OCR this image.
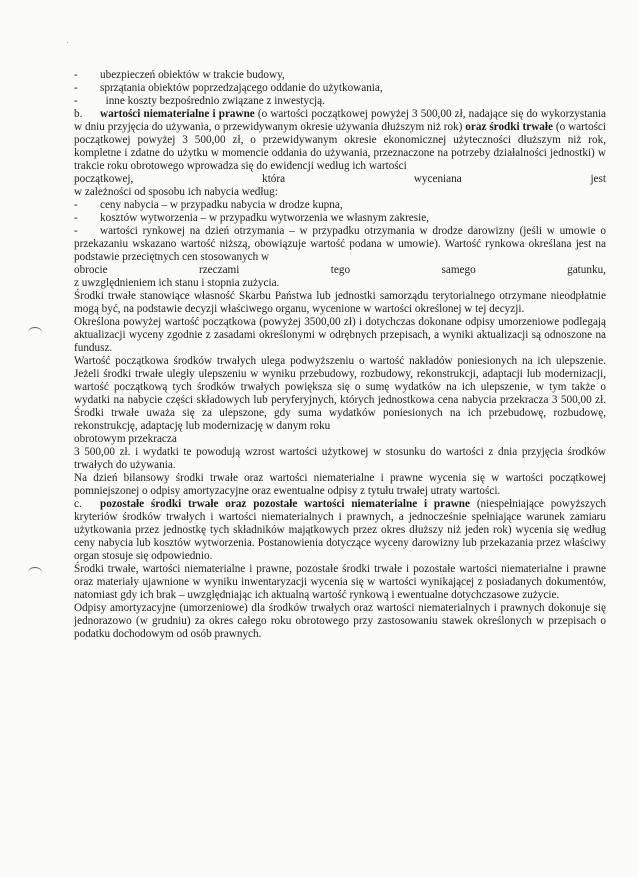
·

- ubezpieczeń obiektów w trakcie budowy,

- sprzątania obiektów poprzedzającego oddanie do użytkowania,

- inne koszty bezpośrednio związane z inwestycją.

b. wartości niematerialne i prawne (o wartości początkowej powyżej 3 500,00 zł, nadające się do wykorzystania w dniu przyjęcia do używania, o przewidywanym okresie używania dłuższym niż rok) oraz środki trwałe (o wartości początkowej powyżej 3 500,00 zł, o przewidywanym okresie ekonomicznej użyteczności dłuższym niż rok, kompletne i zdatne do użytku w momencie oddania do używania, przeznaczone na potrzeby działalności jednostki) w trakcie roku obrotowego wprowadza się do ewidencji według ich wartości

początkowej,	która	wyceniana	jest

w zależności od sposobu ich nabycia według:

- ceny nabycia – w przypadku nabycia w drodze kupna,

- kosztów wytworzenia – w przypadku wytworzenia we własnym zakresie,

- wartości rynkowej na dzień otrzymania – w przypadku otrzymania w drodze darowizny (jeśli w umowie o przekazaniu wskazano wartość niższą, obowiązuje wartość podana w umowie). Wartość rynkowa określana jest na podstawie przeciętnych cen stosowanych w

obrocie	rzeczami	tego	samego	gatunku,

z uwzględnieniem ich stanu i stopnia zużycia.

Środki trwałe stanowiące własność Skarbu Państwa lub jednostki samorządu terytorialnego otrzymane nieodpłatnie mogą być, na podstawie decyzji właściwego organu, wycenione w wartości określonej w tej decyzji.

Określona powyżej wartość początkowa (powyżej 3500,00 zł) i dotychczas dokonane odpisy umorzeniowe podlegają aktualizacji wyceny zgodnie z zasadami określonymi w odrębnych przepisach, a wyniki aktualizacji są odnoszone na fundusz.

Wartość początkowa środków trwałych ulega podwyższeniu o wartość nakładów poniesionych na ich ulepszenie. Jeżeli środki trwałe uległy ulepszeniu w wyniku przebudowy, rozbudowy, rekonstrukcji, adaptacji lub modernizacji, wartość początkową tych środków trwałych powiększa się o sumę wydatków na ich ulepszenie, w tym także o wydatki na nabycie części składowych lub peryferyjnych, których jednostkowa cena nabycia przekracza 3 500,00 zł. Środki trwałe uważa się za ulepszone, gdy suma wydatków poniesionych na ich przebudowę, rozbudowę, rekonstrukcję, adaptację lub modernizację w danym roku

obrotowym przekracza

3 500,00 zł. i wydatki te powodują wzrost wartości użytkowej w stosunku do wartości z dnia przyjęcia środków trwałych do używania.

Na dzień bilansowy środki trwałe oraz wartości niematerialne i prawne wycenia się w wartości początkowej pomniejszonej o odpisy amortyzacyjne oraz ewentualne odpisy z tytułu trwałej utraty wartości.

c. pozostałe środki trwałe oraz pozostałe wartości niematerialne i prawne (niespełniające powyższych kryteriów środków trwałych i wartości niematerialnych i prawnych, a jednocześnie spełniające warunek zamiaru użytkowania przez jednostkę tych składników majątkowych przez okres dłuższy niż jeden rok) wycenia się według ceny nabycia lub kosztów wytworzenia. Postanowienia dotyczące wyceny darowizny lub przekazania przez właściwy organ stosuje się odpowiednio.

Środki trwałe, wartości niematerialne i prawne, pozostałe środki trwałe i pozostałe wartości niematerialne i prawne oraz materiały ujawnione w wyniku inwentaryzacji wycenia się w wartości wynikającej z posiadanych dokumentów, natomiast gdy ich brak – uwzględniając ich aktualną wartość rynkową i ewentualne dotychczasowe zużycie.

Odpisy amortyzacyjne (umorzeniowe) dla środków trwałych oraz wartości niematerialnych i prawnych dokonuje się jednorazowo (w grudniu) za okres całego roku obrotowego przy zastosowaniu stawek określonych w przepisach o podatku dochodowym od osób prawnych.
